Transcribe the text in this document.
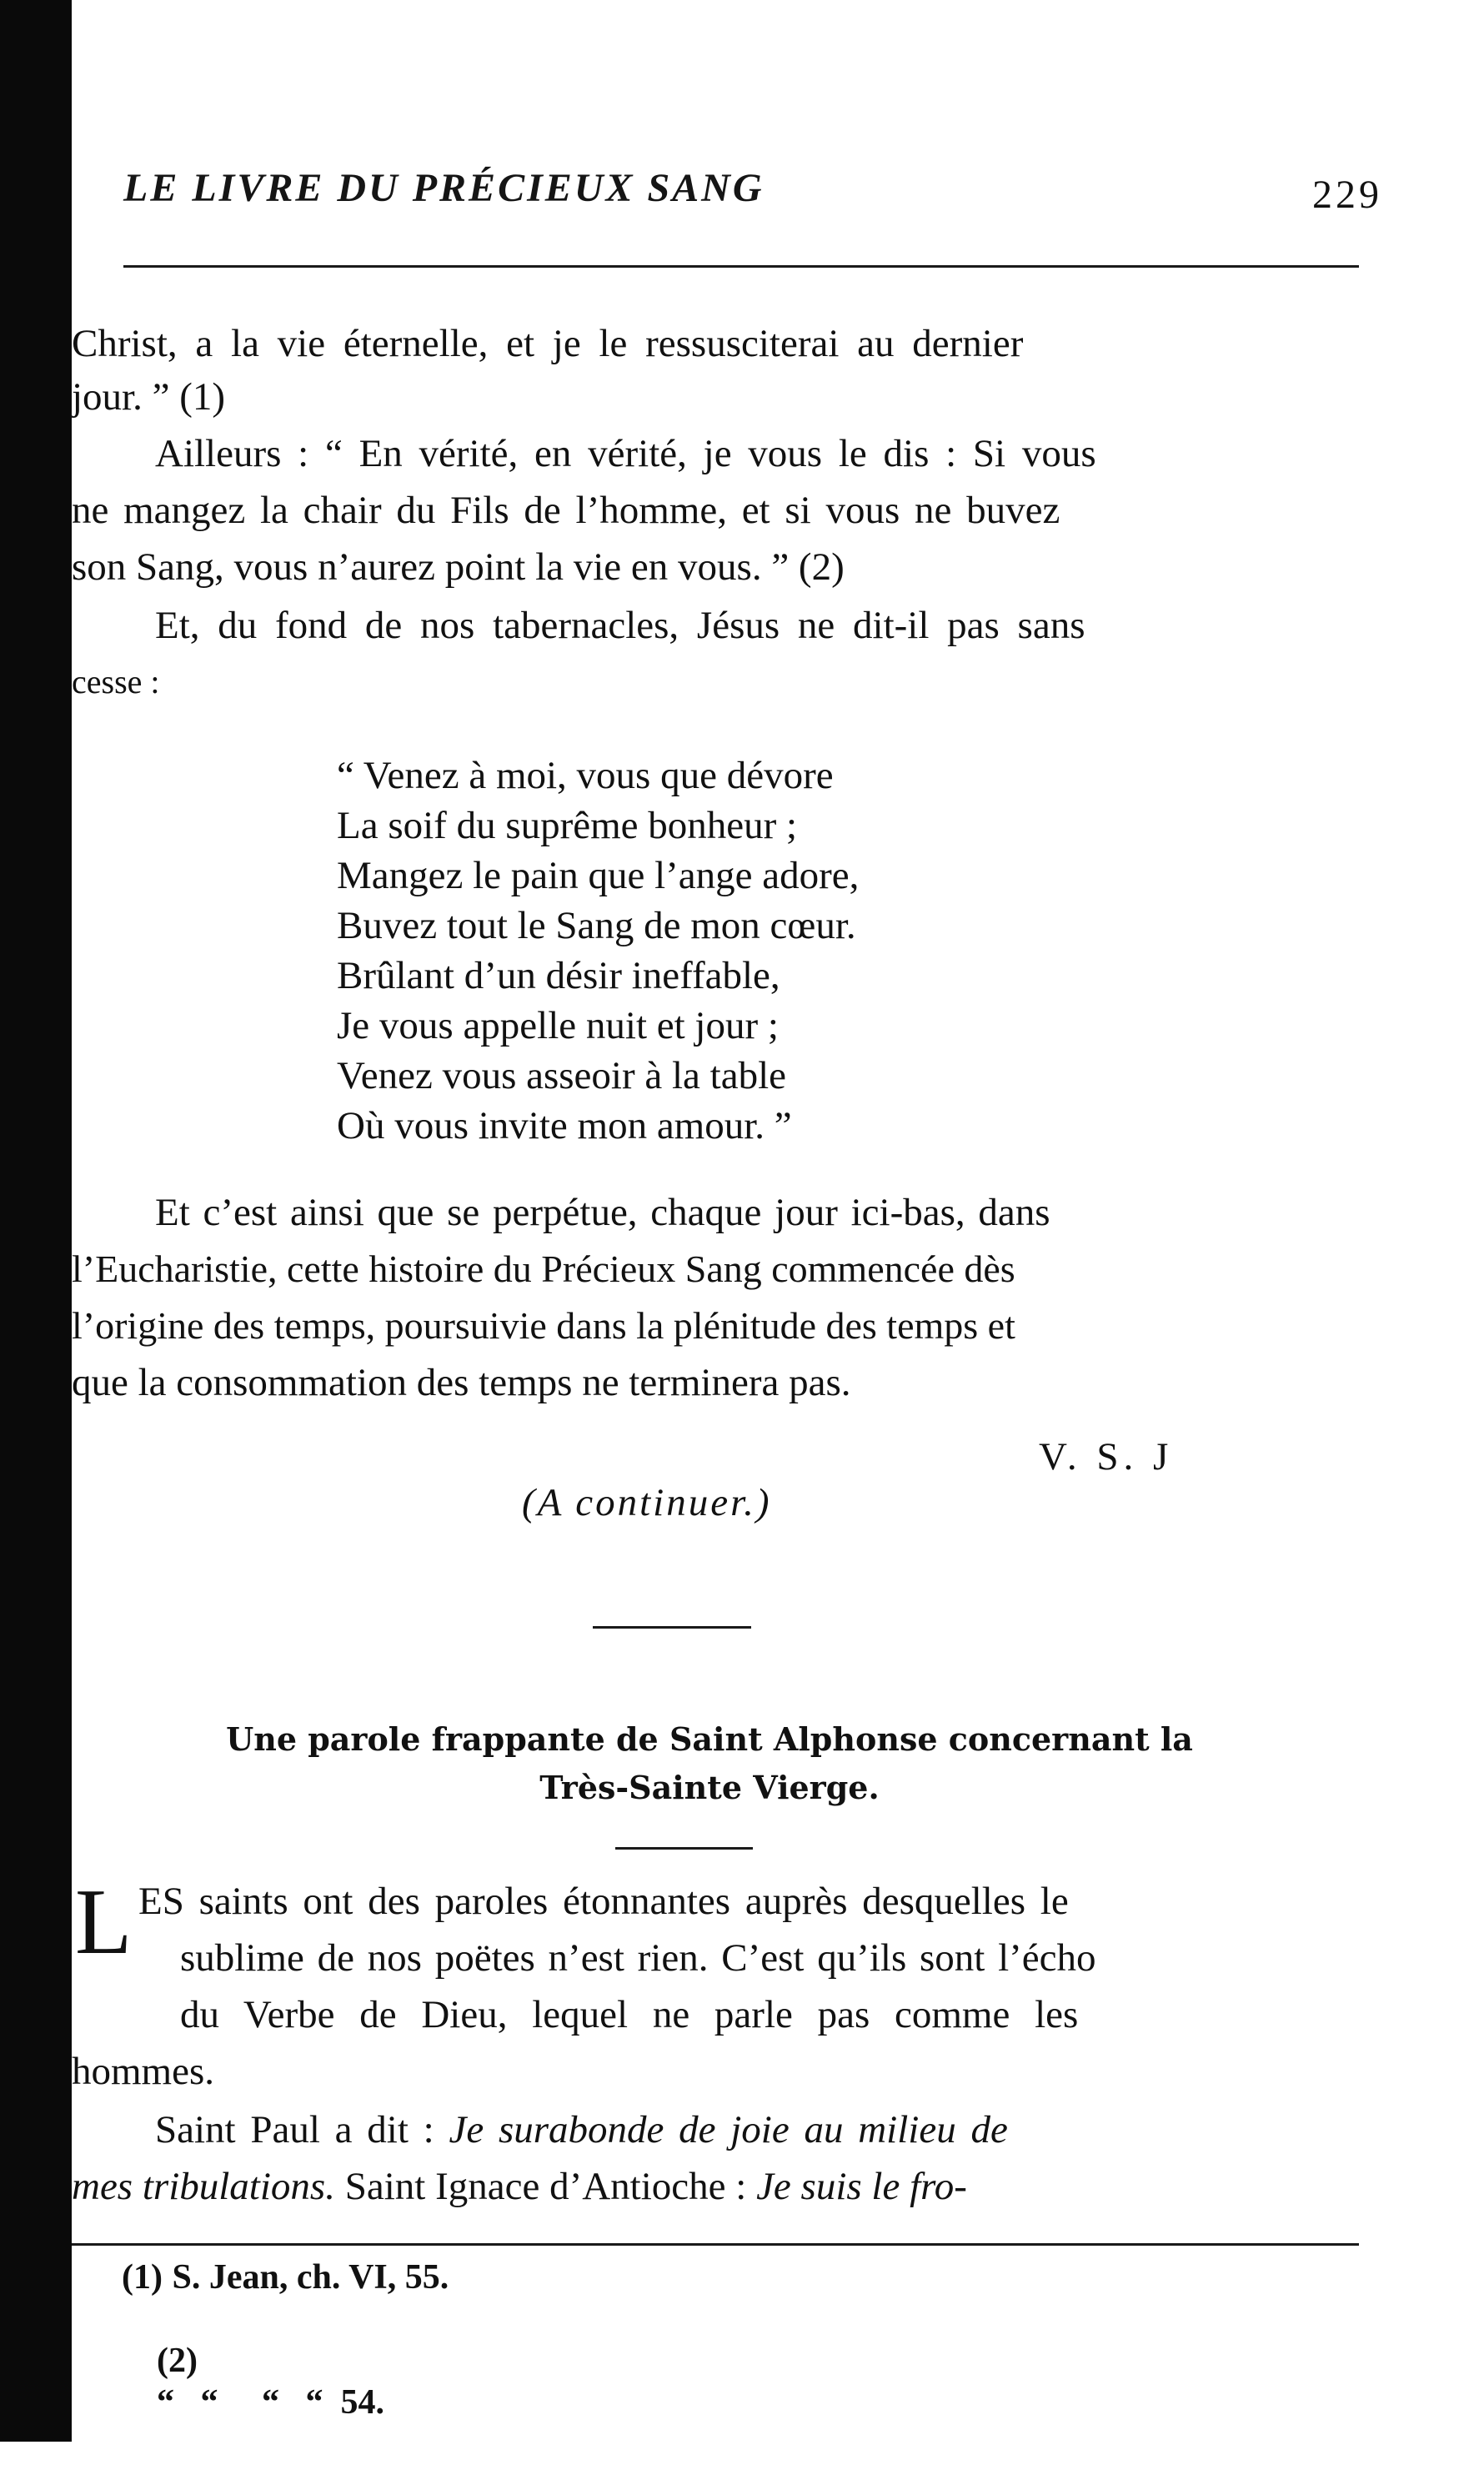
LE LIVRE DU PRÉCIEUX SANG	229
Christ, a la vie éternelle, et je le ressusciterai au dernier
jour. ” (1)
Ailleurs : “ En vérité, en vérité, je vous le dis : Si vous
ne mangez la chair du Fils de l’homme, et si vous ne buvez
son Sang, vous n’aurez point la vie en vous. ” (2)
Et, du fond de nos tabernacles, Jésus ne dit-il pas sans
cesse :
“ Venez à moi, vous que dévore
La soif du suprême bonheur ;
Mangez le pain que l’ange adore,
Buvez tout le Sang de mon cœur.
Brûlant d’un désir ineffable,
Je vous appelle nuit et jour ;
Venez vous asseoir à la table
Où vous invite mon amour. ”
Et c’est ainsi que se perpétue, chaque jour ici-bas, dans
l’Eucharistie, cette histoire du Précieux Sang commencée dès
l’origine des temps, poursuivie dans la plénitude des temps et
que la consommation des temps ne terminera pas.
V. S. J
(A continuer.)
Une parole frappante de Saint Alphonse concernant la
Très-Sainte Vierge.
L ES saints ont des paroles étonnantes auprès desquelles le
sublime de nos poëtes n’est rien. C’est qu’ils sont l’écho
du Verbe de Dieu, lequel ne parle pas comme les
hommes.
Saint Paul a dit : Je surabonde de joie au milieu de
mes tribulations. Saint Ignace d’Antioche : Je suis le fro-
(1) S. Jean, ch. VI, 55.

(2)
“   “     “   “  54.
